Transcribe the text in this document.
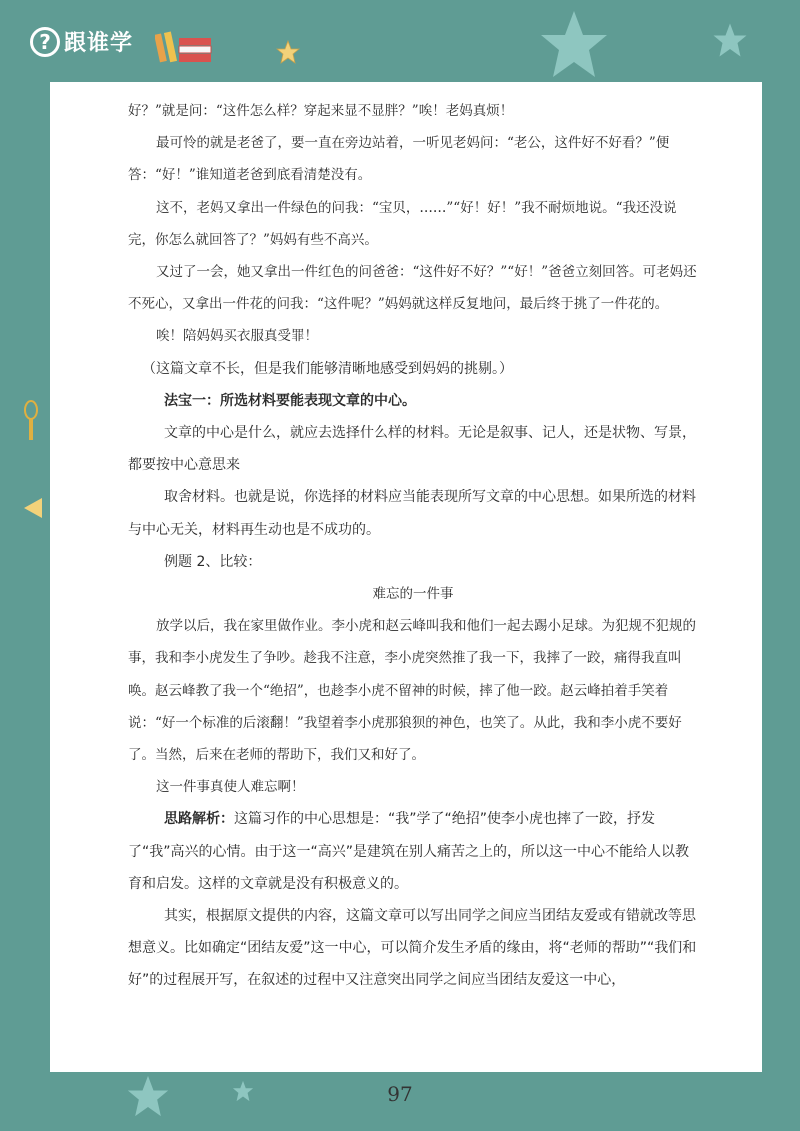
? 跟谁学

好？”就是问：“这件怎么样？穿起来显不显胖？”唉！老妈真烦！

最可怜的就是老爸了，要一直在旁边站着，一听见老妈问：“老公，这件好不好看？”便答：“好！”谁知道老爸到底看清楚没有。

这不，老妈又拿出一件绿色的问我：“宝贝，……”“好！好！”我不耐烦地说。“我还没说完，你怎么就回答了？”妈妈有些不高兴。

又过了一会，她又拿出一件红色的问爸爸：“这件好不好？”“好！”爸爸立刻回答。可老妈还不死心，又拿出一件花的问我：“这件呢？”妈妈就这样反复地问，最后终于挑了一件花的。

唉！陪妈妈买衣服真受罪！

（这篇文章不长，但是我们能够清晰地感受到妈妈的挑剔。）

法宝一：所选材料要能表现文章的中心。

文章的中心是什么，就应去选择什么样的材料。无论是叙事、记人，还是状物、写景，都要按中心意思来

取舍材料。也就是说，你选择的材料应当能表现所写文章的中心思想。如果所选的材料与中心无关，材料再生动也是不成功的。

例题 2、比较：

难忘的一件事

放学以后，我在家里做作业。李小虎和赵云峰叫我和他们一起去踢小足球。为犯规不犯规的事，我和李小虎发生了争吵。趁我不注意，李小虎突然推了我一下，我摔了一跤，痛得我直叫唤。赵云峰教了我一个“绝招”，也趁李小虎不留神的时候，摔了他一跤。赵云峰拍着手笑着说：“好一个标准的后滚翻！”我望着李小虎那狼狈的神色，也笑了。从此，我和李小虎不要好了。当然，后来在老师的帮助下，我们又和好了。

这一件事真使人难忘啊！

思路解析：这篇习作的中心思想是：“我”学了“绝招”使李小虎也摔了一跤，抒发了“我”高兴的心情。由于这一“高兴”是建筑在别人痛苦之上的，所以这一中心不能给人以教育和启发。这样的文章就是没有积极意义的。

其实，根据原文提供的内容，这篇文章可以写出同学之间应当团结友爱或有错就改等思想意义。比如确定“团结友爱”这一中心，可以简介发生矛盾的缘由，将“老师的帮助”“我们和好”的过程展开写，在叙述的过程中又注意突出同学之间应当团结友爱这一中心，

97
